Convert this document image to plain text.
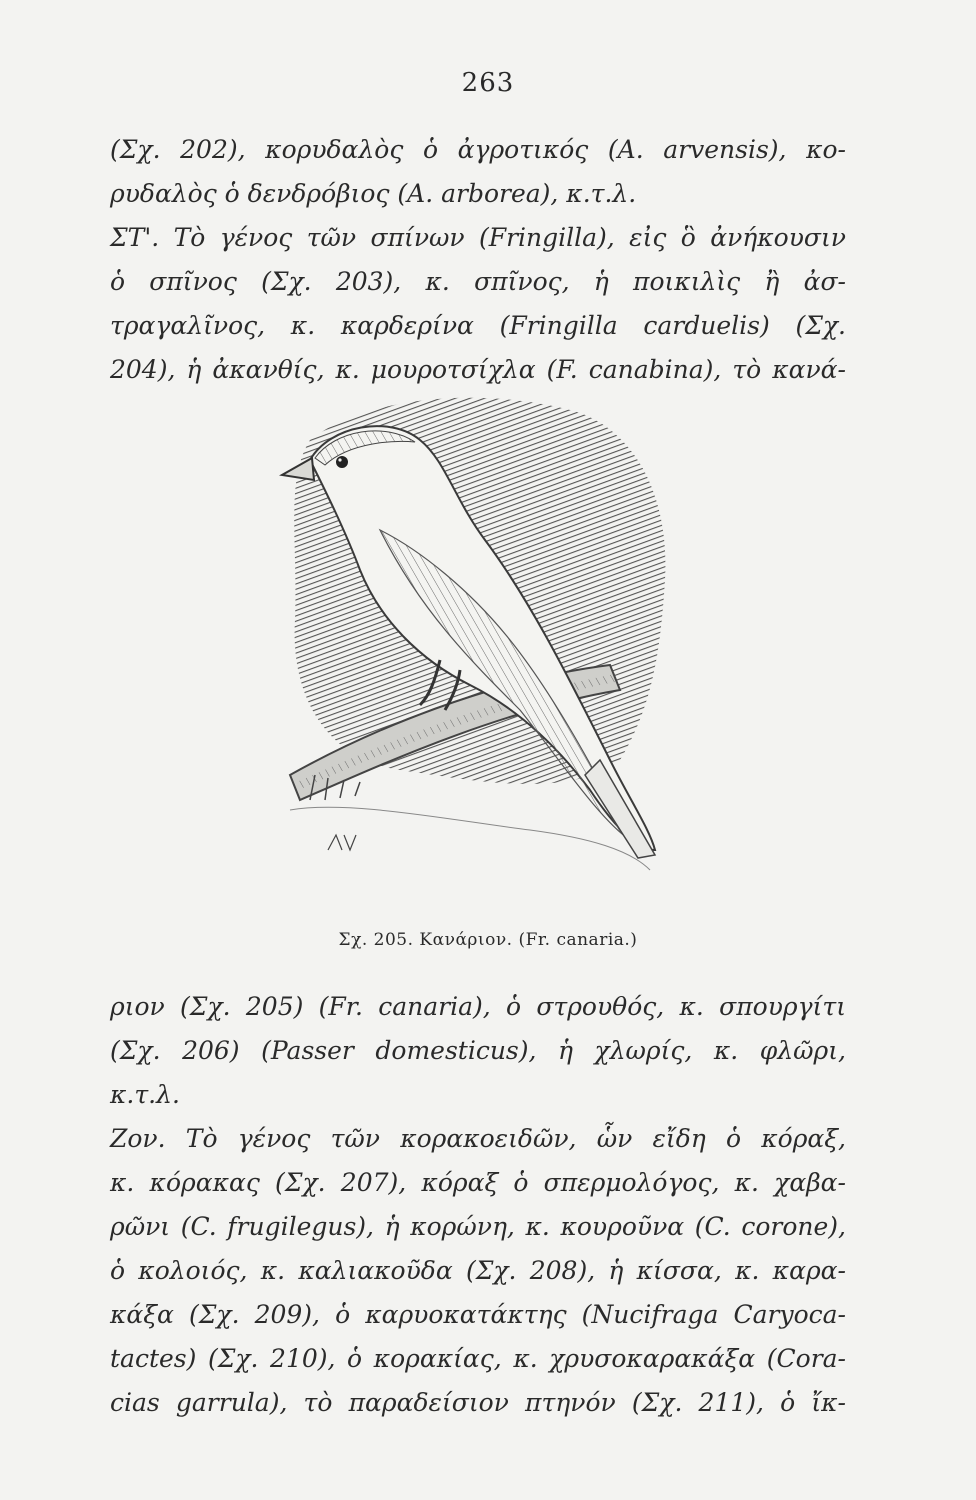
263
(Σχ. 202), κορυδαλὸς ὁ ἀγροτικός (A. arvensis), κο-
ρυδαλὸς ὁ δενδρόβιος (A. arborea), κ.τ.λ.
ΣΤ'. Τὸ γένος τῶν σπίνων (Fringilla), εἰς ὃ ἀνήκουσιν
ὁ σπῖνος (Σχ. 203), κ. σπῖνος, ἡ ποικιλὶς ἢ ἀσ-
τραγαλῖνος, κ. καρδερίνα (Fringilla carduelis) (Σχ.
204), ἡ ἀκανθίς, κ. μουροτσίχλα (F. canabina), τὸ κανά-
Σχ. 205. Κανάριον. (Fr. canaria.)
ριον (Σχ. 205) (Fr. canaria), ὁ στρουθός, κ. σπουργίτι
(Σχ. 206) (Passer domesticus), ἡ χλωρίς, κ. φλῶρι,
κ.τ.λ.
Ζον. Τὸ γένος τῶν κορακοειδῶν, ὧν εἴδη ὁ κόραξ,
κ. κόρακας (Σχ. 207), κόραξ ὁ σπερμολόγος, κ. χαβα-
ρῶνι (C. frugilegus), ἡ κορώνη, κ. κουροῦνα (C. corone),
ὁ κολοιός, κ. καλιακοῦδα (Σχ. 208), ἡ κίσσα, κ. καρα-
κάξα (Σχ. 209), ὁ καρυοκατάκτης (Nucifraga Caryoca-
tactes) (Σχ. 210), ὁ κορακίας, κ. χρυσοκαρακάξα (Cora-
cias garrula), τὸ παραδείσιον πτηνόν (Σχ. 211), ὁ ἴκ-
